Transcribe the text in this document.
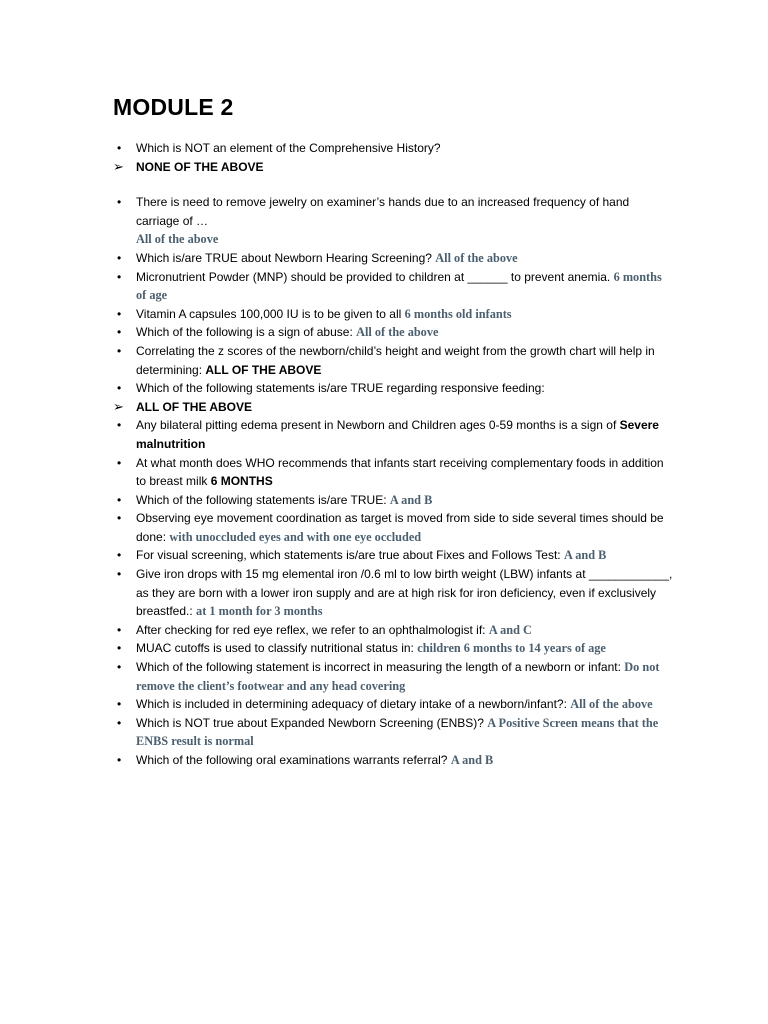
MODULE 2
• Which is NOT an element of the Comprehensive History?
➢ NONE OF THE ABOVE
• There is need to remove jewelry on examiner’s hands due to an increased frequency of hand carriage of …
All of the above
• Which is/are TRUE about Newborn Hearing Screening? All of the above
• Micronutrient Powder (MNP) should be provided to children at ______ to prevent anemia. 6 months of age
• Vitamin A capsules 100,000 IU is to be given to all 6 months old infants
• Which of the following is a sign of abuse: All of the above
• Correlating the z scores of the newborn/child’s height and weight from the growth chart will help in determining: ALL OF THE ABOVE
• Which of the following statements is/are TRUE regarding responsive feeding:
➢ ALL OF THE ABOVE
• Any bilateral pitting edema present in Newborn and Children ages 0-59 months is a sign of Severe malnutrition
• At what month does WHO recommends that infants start receiving complementary foods in addition to breast milk 6 MONTHS
• Which of the following statements is/are TRUE: A and B
• Observing eye movement coordination as target is moved from side to side several times should be done: with unoccluded eyes and with one eye occluded
• For visual screening, which statements is/are true about Fixes and Follows Test: A and B
• Give iron drops with 15 mg elemental iron /0.6 ml to low birth weight (LBW) infants at ____________, as they are born with a lower iron supply and are at high risk for iron deficiency, even if exclusively breastfed.: at 1 month for 3 months
• After checking for red eye reflex, we refer to an ophthalmologist if: A and C
• MUAC cutoffs is used to classify nutritional status in: children 6 months to 14 years of age
• Which of the following statement is incorrect in measuring the length of a newborn or infant: Do not remove the client’s footwear and any head covering
• Which is included in determining adequacy of dietary intake of a newborn/infant?: All of the above
• Which is NOT true about Expanded Newborn Screening (ENBS)? A Positive Screen means that the ENBS result is normal
• Which of the following oral examinations warrants referral? A and B
